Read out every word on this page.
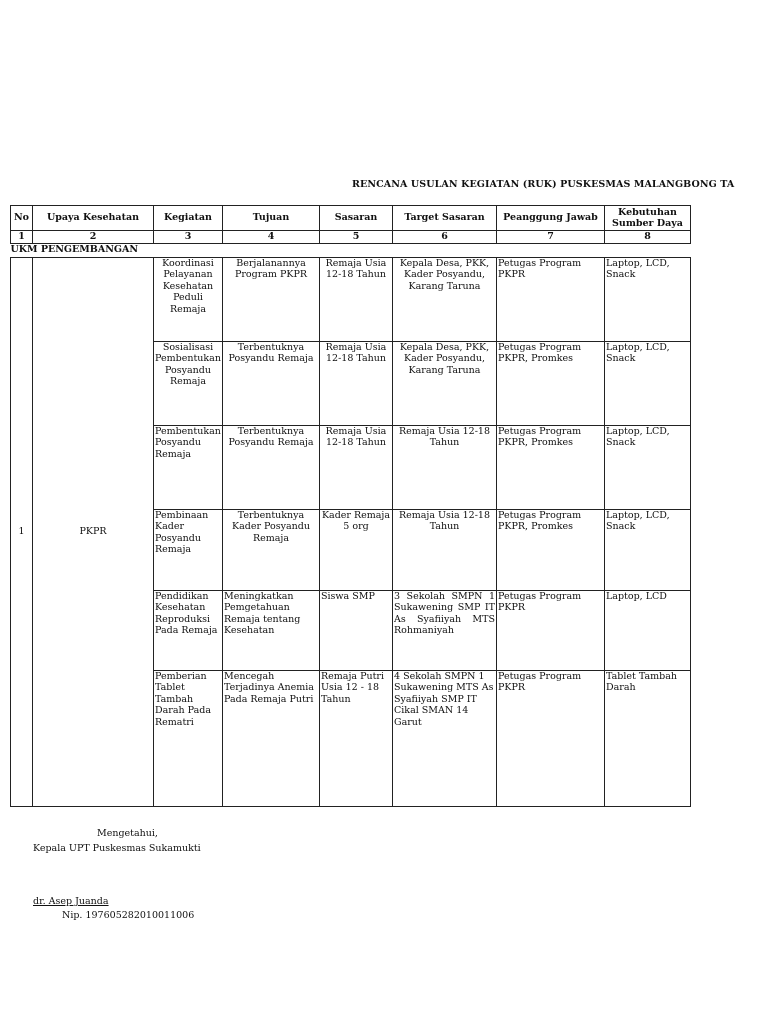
RENCANA USULAN KEGIATAN (RUK) PUSKESMAS MALANGBONG TA
No	Upaya Kesehatan	Kegiatan	Tujuan	Sasaran	Target Sasaran	Peanggung Jawab	Kebutuhan Sumber Daya
1	2	3	4	5	6	7	8
UKM PENGEMBANGAN							
1	PKPR	Koordinasi Pelayanan Kesehatan Peduli Remaja	Berjalanannya Program PKPR	Remaja Usia 12-18 Tahun	Kepala Desa, PKK, Kader Posyandu, Karang Taruna	Petugas Program PKPR	Laptop, LCD, Snack
		Sosialisasi Pembentukan Posyandu Remaja	Terbentuknya Posyandu Remaja	Remaja Usia 12-18 Tahun	Kepala Desa, PKK, Kader Posyandu, Karang Taruna	Petugas Program PKPR, Promkes	Laptop, LCD, Snack
		Pembentukan Posyandu Remaja	Terbentuknya Posyandu Remaja	Remaja Usia 12-18 Tahun	Remaja Usia 12-18 Tahun	Petugas Program PKPR, Promkes	Laptop, LCD, Snack
		Pembinaan Kader Posyandu Remaja	Terbentuknya Kader Posyandu Remaja	Kader Remaja 5 org	Remaja Usia 12-18 Tahun	Petugas Program PKPR, Promkes	Laptop, LCD, Snack
		Pendidikan Kesehatan Reproduksi Pada Remaja	Meningkatkan Pemgetahuan Remaja tentang Kesehatan	Siswa SMP	3 Sekolah SMPN 1 Sukawening SMP IT As Syafiiyah MTS Rohmaniyah	Petugas Program PKPR	Laptop, LCD
		Pemberian Tablet Tambah Darah Pada Rematri	Mencegah Terjadinya Anemia Pada Remaja Putri	Remaja Putri Usia 12 - 18 Tahun	4 Sekolah SMPN 1 Sukawening MTS As Syafiiyah SMP IT Cikal SMAN 14 Garut	Petugas Program PKPR	Tablet Tambah Darah
Mengetahui,
Kepala UPT Puskesmas Sukamukti
dr. Asep Juanda
Nip. 197605282010011006
